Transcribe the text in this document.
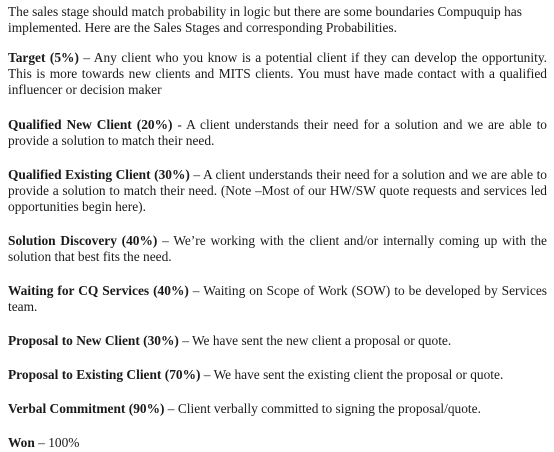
The sales stage should match probability in logic but there are some boundaries Compuquip has implemented. Here are the Sales Stages and corresponding Probabilities.

Target (5%) – Any client who you know is a potential client if they can develop the opportunity. This is more towards new clients and MITS clients. You must have made contact with a qualified influencer or decision maker

Qualified New Client (20%) - A client understands their need for a solution and we are able to provide a solution to match their need.

Qualified Existing Client (30%) – A client understands their need for a solution and we are able to provide a solution to match their need. (Note –Most of our HW/SW quote requests and services led opportunities begin here).

Solution Discovery (40%) – We’re working with the client and/or internally coming up with the solution that best fits the need.

Waiting for CQ Services (40%) – Waiting on Scope of Work (SOW) to be developed by Services team.

Proposal to New Client (30%) – We have sent the new client a proposal or quote.

Proposal to Existing Client (70%) – We have sent the existing client the proposal or quote.

Verbal Commitment (90%) – Client verbally committed to signing the proposal/quote.

Won – 100%
